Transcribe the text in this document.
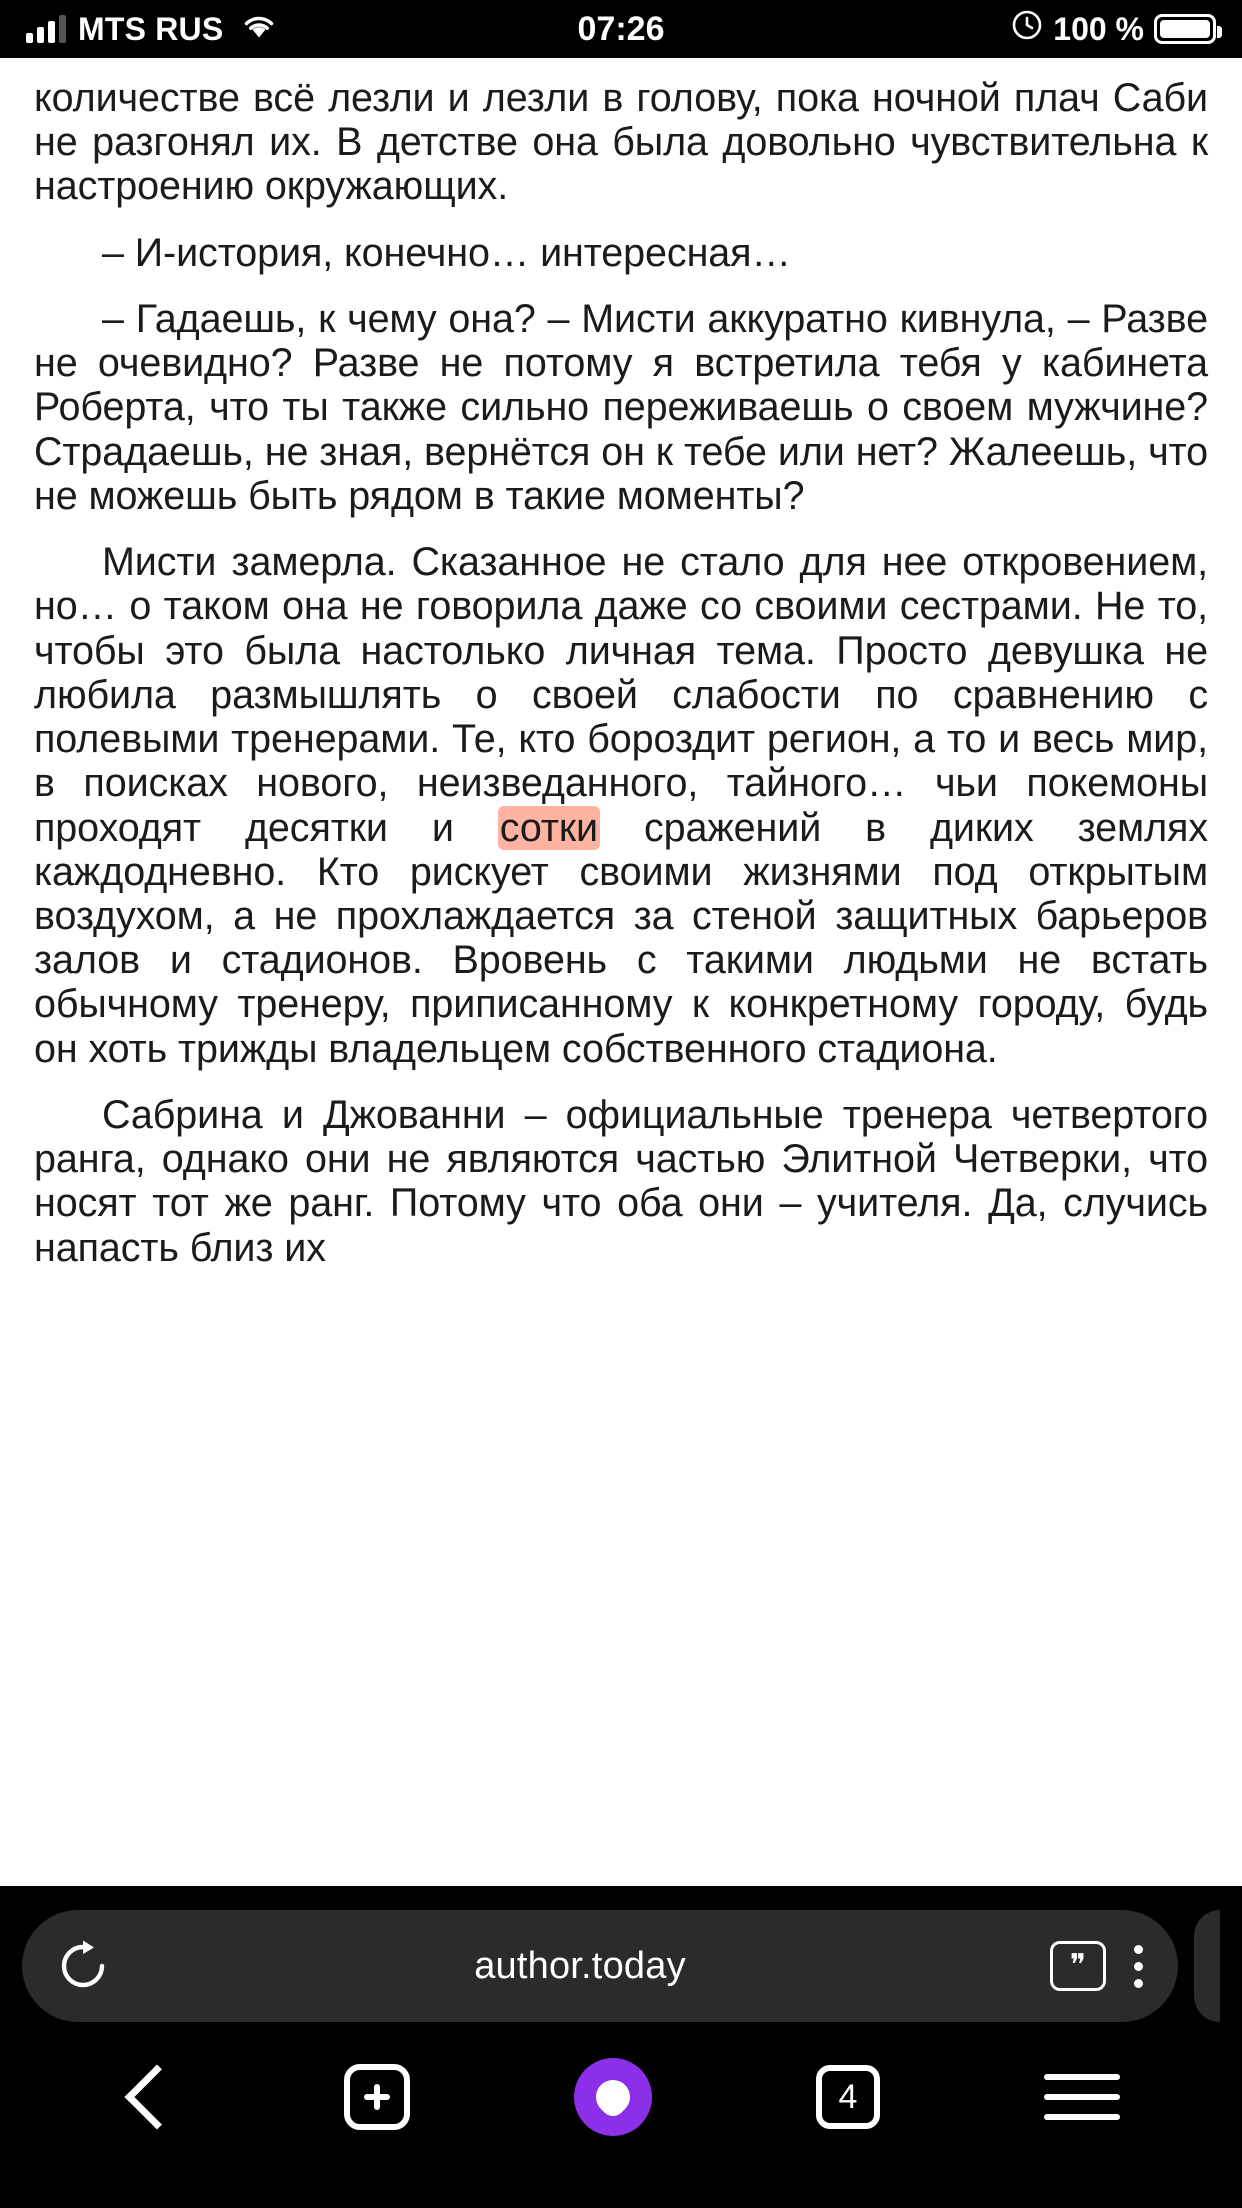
MTS RUS	07:26	100 %

количестве всё лезли и лезли в голову, пока ночной плач Саби не разгонял их. В детстве она была довольно чувствительна к настроению окружающих.

– И-история, конечно… интересная…

– Гадаешь, к чему она? – Мисти аккуратно кивнула, – Разве не очевидно? Разве не потому я встретила тебя у кабинета Роберта, что ты также сильно переживаешь о своем мужчине? Страдаешь, не зная, вернётся он к тебе или нет? Жалеешь, что не можешь быть рядом в такие моменты?

Мисти замерла. Сказанное не стало для нее откровением, но… о таком она не говорила даже со своими сестрами. Не то, чтобы это была настолько личная тема. Просто девушка не любила размышлять о своей слабости по сравнению с полевыми тренерами. Те, кто бороздит регион, а то и весь мир, в поисках нового, неизведанного, тайного… чьи покемоны проходят десятки и сотки сражений в диких землях каждодневно. Кто рискует своими жизнями под открытым воздухом, а не прохлаждается за стеной защитных барьеров залов и стадионов. Вровень с такими людьми не встать обычному тренеру, приписанному к конкретному городу, будь он хоть трижды владельцем собственного стадиона.

Сабрина и Джованни – официальные тренера четвертого ранга, однако они не являются частью Элитной Четверки, что носят тот же ранг. Потому что оба они – учителя. Да, случись напасть близ их

author.today	❞
4
